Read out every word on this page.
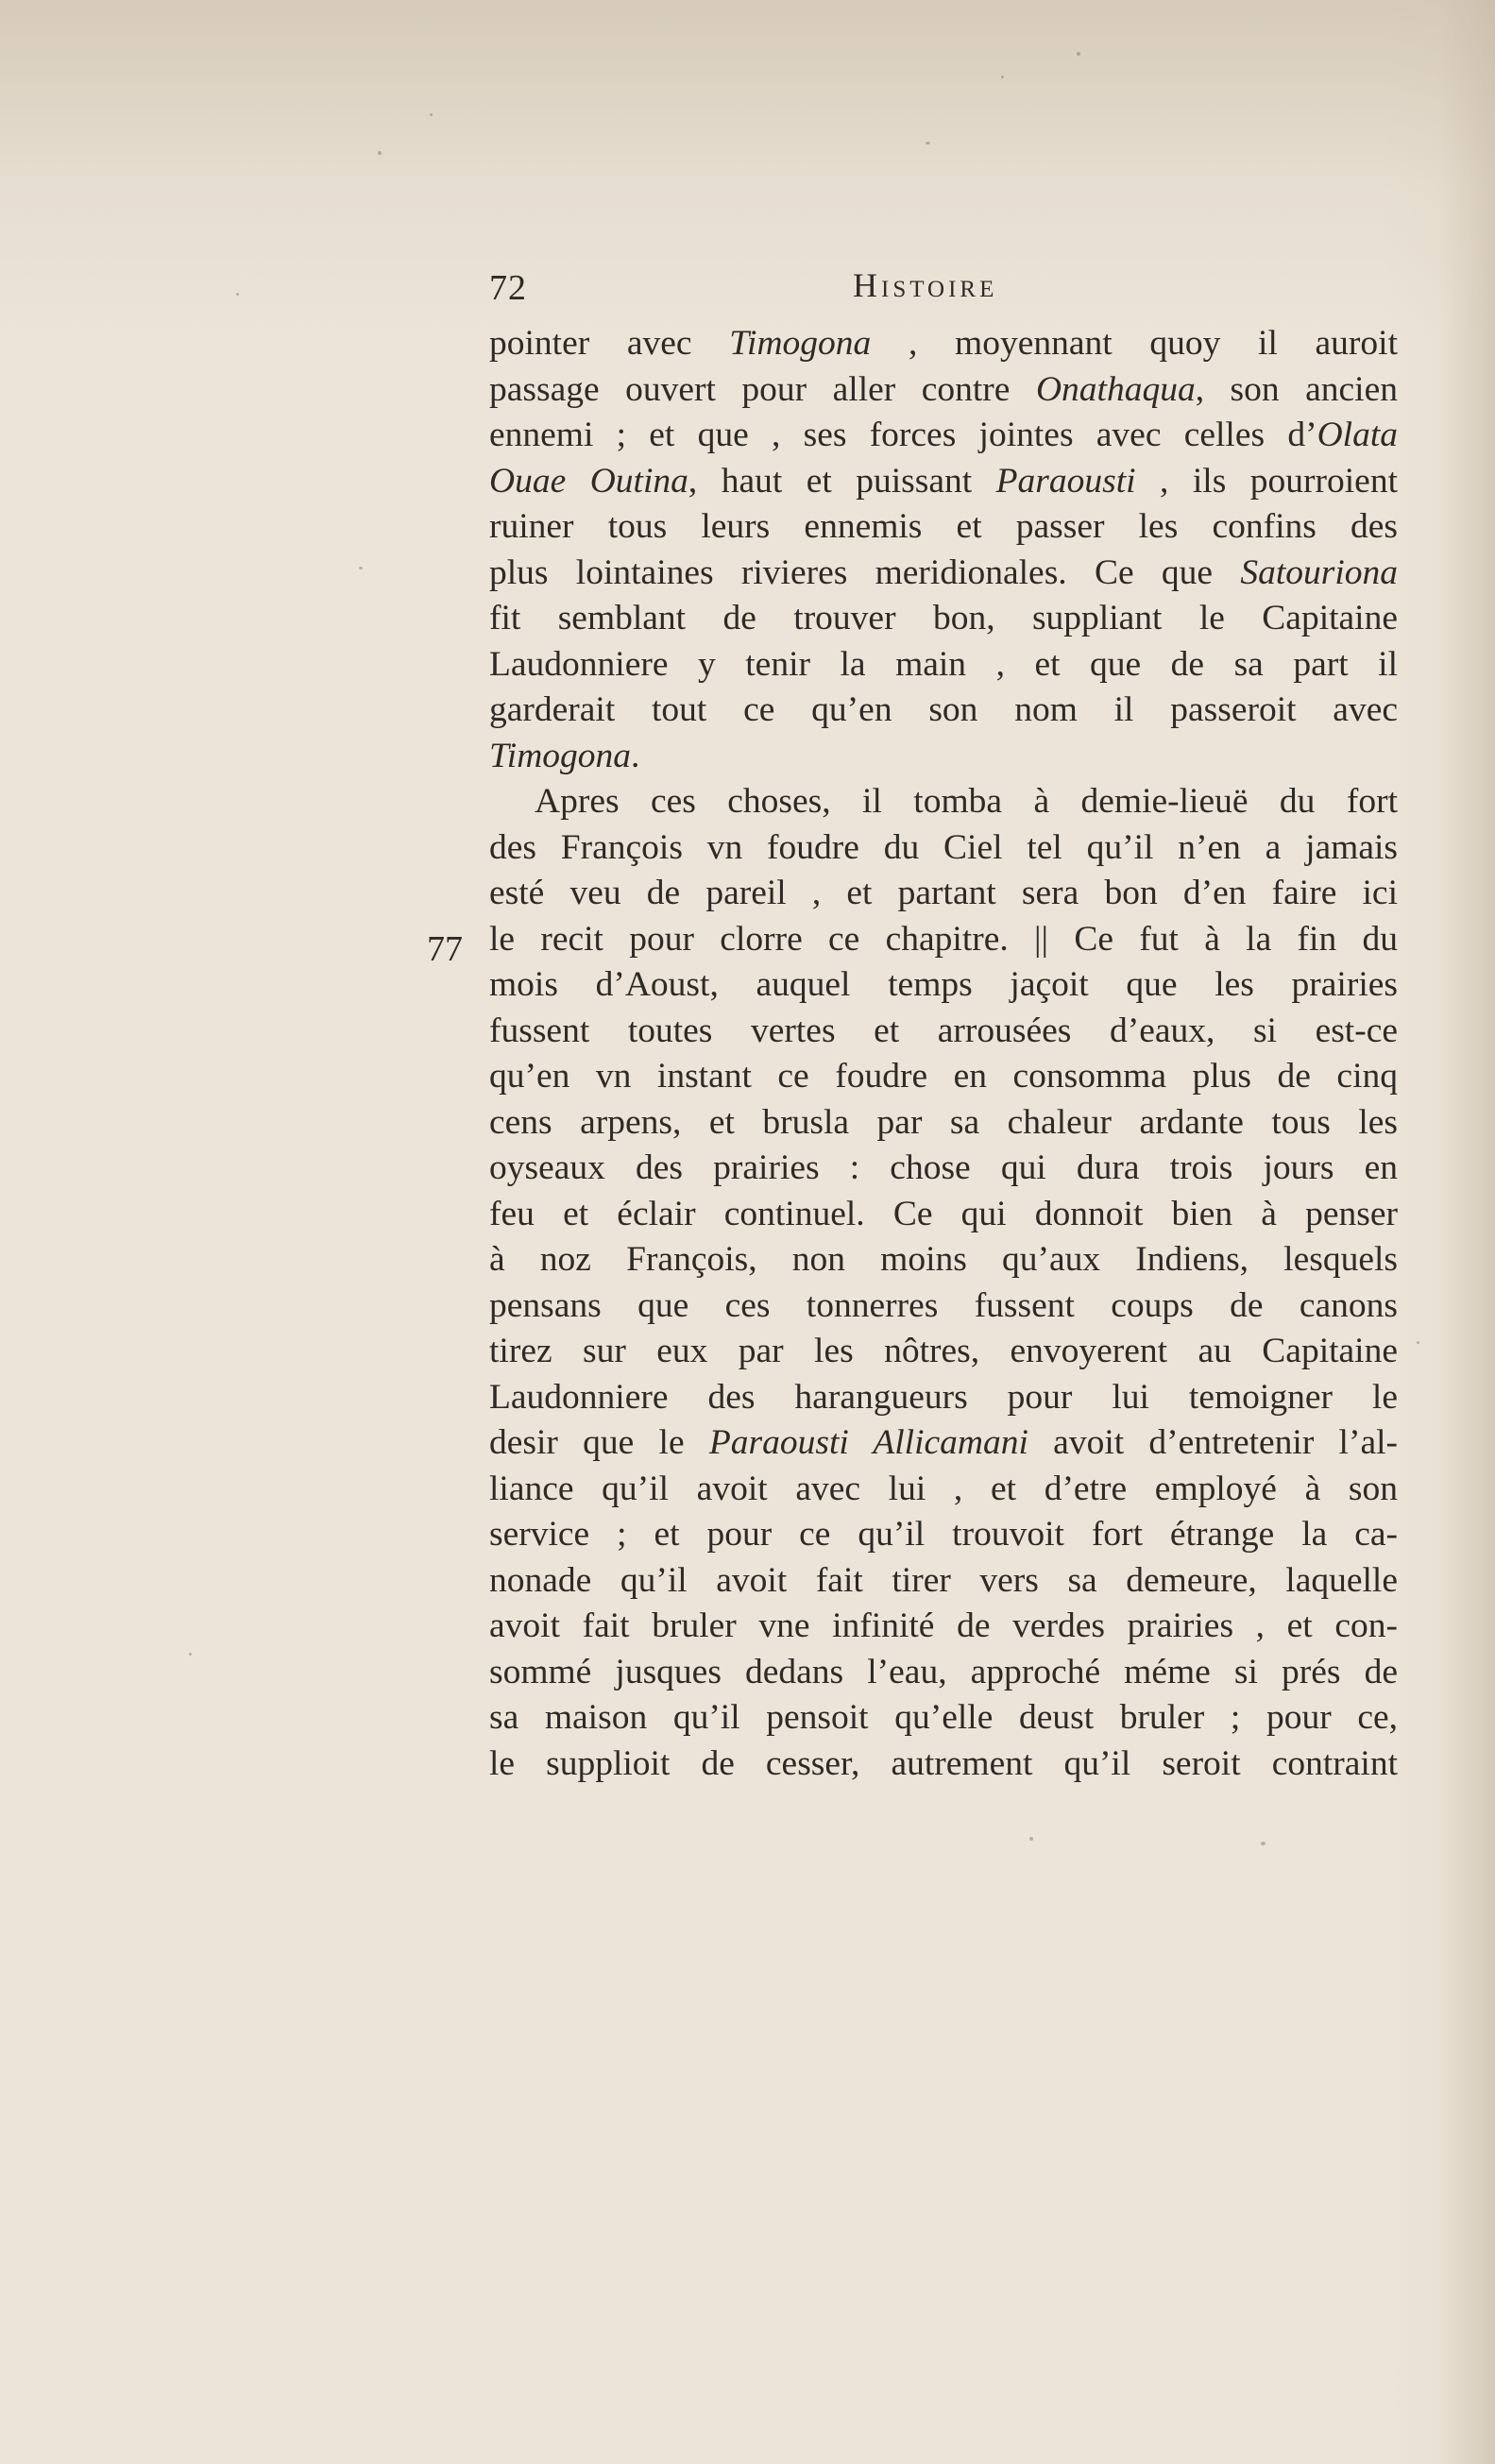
72	Histoire
77
pointer avec Timogona , moyennant quoy il auroit
passage ouvert pour aller contre Onathaqua, son ancien
ennemi ; et que , ses forces jointes avec celles d’Olata
Ouae Outina, haut et puissant Paraousti , ils pourroient
ruiner tous leurs ennemis et passer les confins des
plus lointaines rivieres meridionales. Ce que Satouriona
fit semblant de trouver bon, suppliant le Capitaine
Laudonniere y tenir la main , et que de sa part il
garderait tout ce qu’en son nom il passeroit avec
Timogona.
Apres ces choses, il tomba à demie-lieuë du fort
des François vn foudre du Ciel tel qu’il n’en a jamais
esté veu de pareil , et partant sera bon d’en faire ici
le recit pour clorre ce chapitre. || Ce fut à la fin du
mois d’Aoust, auquel temps jaçoit que les prairies
fussent toutes vertes et arrousées d’eaux, si est-ce
qu’en vn instant ce foudre en consomma plus de cinq
cens arpens, et brusla par sa chaleur ardante tous les
oyseaux des prairies : chose qui dura trois jours en
feu et éclair continuel. Ce qui donnoit bien à penser
à noz François, non moins qu’aux Indiens, lesquels
pensans que ces tonnerres fussent coups de canons
tirez sur eux par les nôtres, envoyerent au Capitaine
Laudonniere des harangueurs pour lui temoigner le
desir que le Paraousti Allicamani avoit d’entretenir l’al-
liance qu’il avoit avec lui , et d’etre employé à son
service ; et pour ce qu’il trouvoit fort étrange la ca-
nonade qu’il avoit fait tirer vers sa demeure, laquelle
avoit fait bruler vne infinité de verdes prairies , et con-
sommé jusques dedans l’eau, approché méme si prés de
sa maison qu’il pensoit qu’elle deust bruler ; pour ce,
le supplioit de cesser, autrement qu’il seroit contraint
